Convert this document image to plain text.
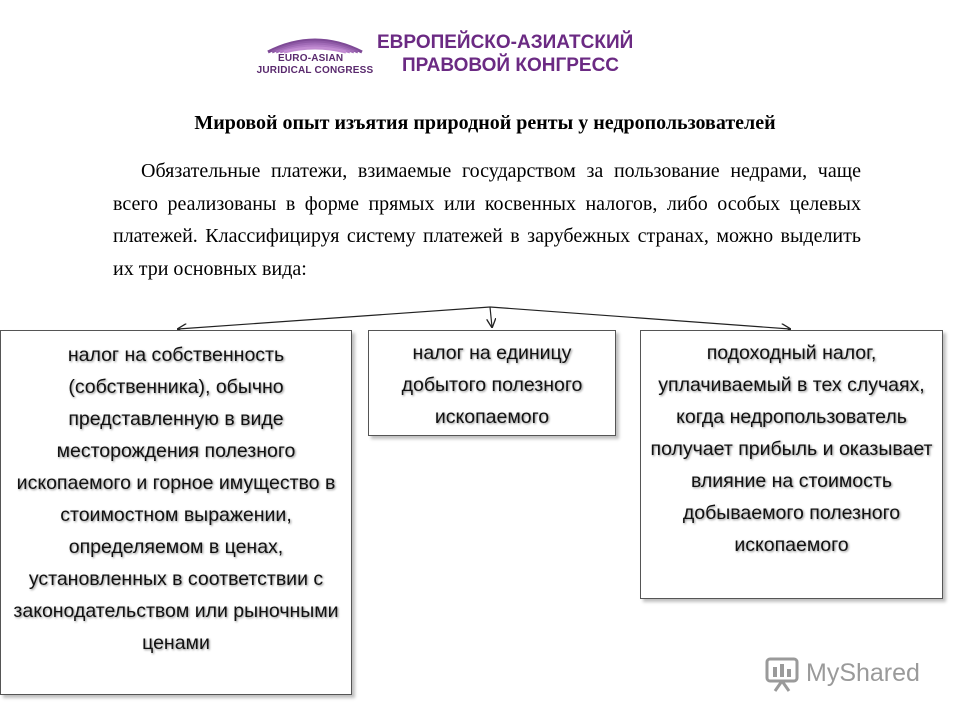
EURO-ASIAN
JURIDICAL CONGRESS
ЕВРОПЕЙСКО-АЗИАТСКИЙ
ПРАВОВОЙ КОНГРЕСС
Мировой опыт изъятия природной ренты у недропользователей
Обязательные платежи, взимаемые государством за пользование недрами, чаще всего реализованы в форме прямых или косвенных налогов, либо особых целевых платежей. Классифицируя систему платежей в зарубежных странах, можно выделить их три основных вида:
налог на собственность (собственника), обычно представленную в виде месторождения полезного ископаемого и горное имущество в стоимостном выражении, определяемом в ценах, установленных в соответствии с законодательством или рыночными ценами
налог на единицу добытого полезного ископаемого
подоходный налог, уплачиваемый в тех случаях, когда недропользователь получает прибыль и оказывает влияние на стоимость добываемого полезного ископаемого
MyShared
